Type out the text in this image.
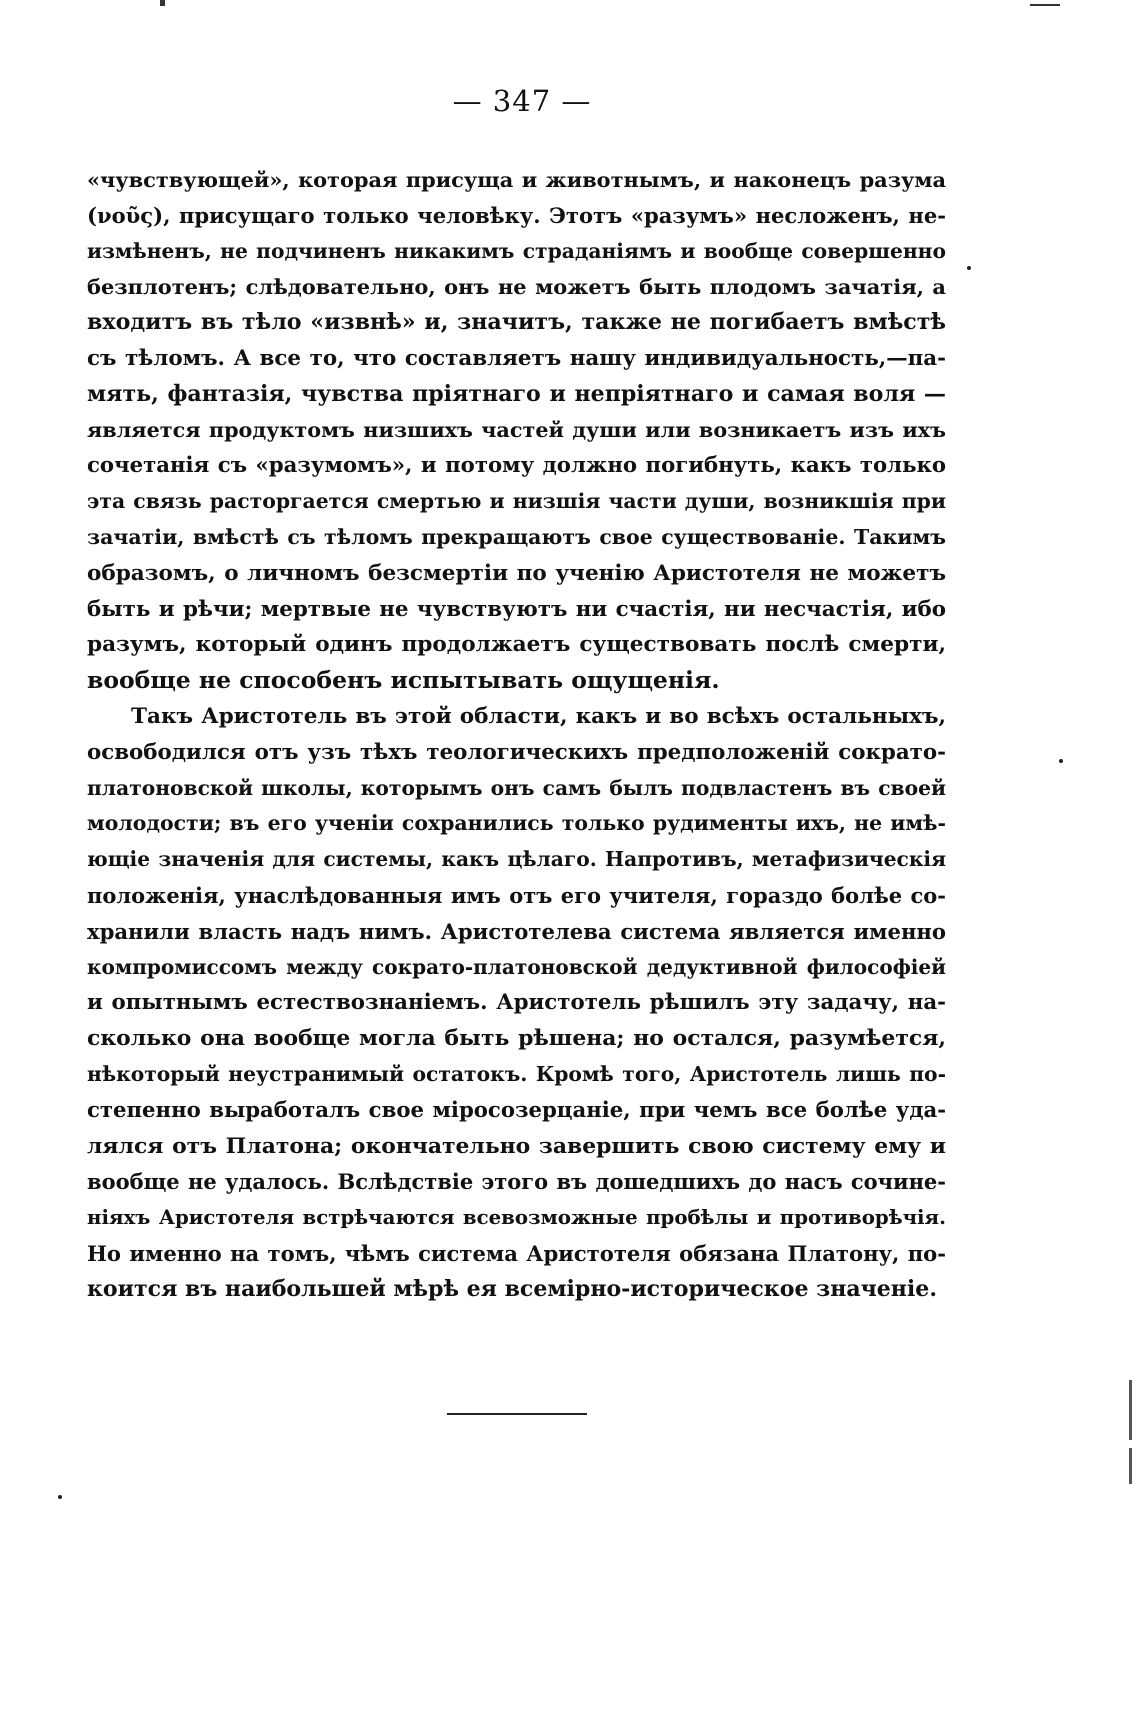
— 347 —
«чувствующей», которая присуща и животнымъ, и наконецъ разума
(νοῦς), присущаго только человѣку. Этотъ «разумъ» несложенъ, не-
измѣненъ, не подчиненъ никакимъ страданіямъ и вообще совершенно
безплотенъ; слѣдовательно, онъ не можетъ быть плодомъ зачатія, а
входитъ въ тѣло «извнѣ» и, значитъ, также не погибаетъ вмѣстѣ
съ тѣломъ. А все то, что составляетъ нашу индивидуальность,—па-
мять, фантазія, чувства пріятнаго и непріятнаго и самая воля —
является продуктомъ низшихъ частей души или возникаетъ изъ ихъ
сочетанія съ «разумомъ», и потому должно погибнуть, какъ только
эта связь расторгается смертью и низшія части души, возникшія при
зачатіи, вмѣстѣ съ тѣломъ прекращаютъ свое существованіе. Такимъ
образомъ, о личномъ безсмертіи по ученію Аристотеля не можетъ
быть и рѣчи; мертвые не чувствуютъ ни счастія, ни несчастія, ибо
разумъ, который одинъ продолжаетъ существовать послѣ смерти,
вообще не способенъ испытывать ощущенія.
Такъ Аристотель въ этой области, какъ и во всѣхъ остальныхъ,
освободился отъ узъ тѣхъ теологическихъ предположеній сократо-
платоновской школы, которымъ онъ самъ былъ подвластенъ въ своей
молодости; въ его ученіи сохранились только рудименты ихъ, не имѣ-
ющіе значенія для системы, какъ цѣлаго. Напротивъ, метафизическія
положенія, унаслѣдованныя имъ отъ его учителя, гораздо болѣе со-
хранили власть надъ нимъ. Аристотелева система является именно
компромиссомъ между сократо-платоновской дедуктивной философіей
и опытнымъ естествознаніемъ. Аристотель рѣшилъ эту задачу, на-
сколько она вообще могла быть рѣшена; но остался, разумѣется,
нѣкоторый неустранимый остатокъ. Кромѣ того, Аристотель лишь по-
степенно выработалъ свое міросозерцаніе, при чемъ все болѣе уда-
лялся отъ Платона; окончательно завершить свою систему ему и
вообще не удалось. Вслѣдствіе этого въ дошедшихъ до насъ сочине-
ніяхъ Аристотеля встрѣчаются всевозможные пробѣлы и противорѣчія.
Но именно на томъ, чѣмъ система Аристотеля обязана Платону, по-
коится въ наибольшей мѣрѣ ея всемірно-историческое значеніе.
